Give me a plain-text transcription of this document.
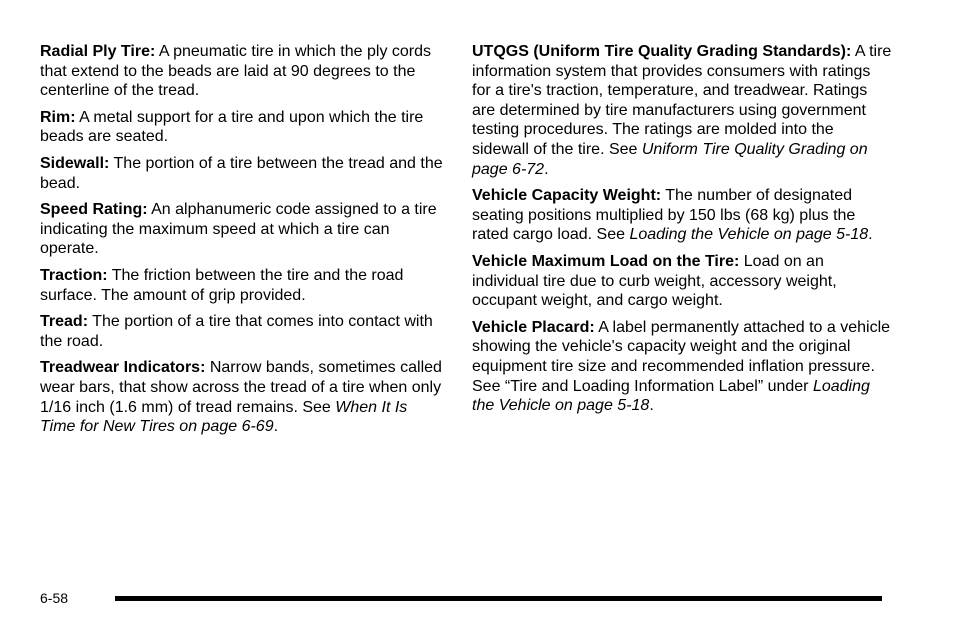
Radial Ply Tire: A pneumatic tire in which the ply cords that extend to the beads are laid at 90 degrees to the centerline of the tread.

Rim: A metal support for a tire and upon which the tire beads are seated.

Sidewall: The portion of a tire between the tread and the bead.

Speed Rating: An alphanumeric code assigned to a tire indicating the maximum speed at which a tire can operate.

Traction: The friction between the tire and the road surface. The amount of grip provided.

Tread: The portion of a tire that comes into contact with the road.

Treadwear Indicators: Narrow bands, sometimes called wear bars, that show across the tread of a tire when only 1/16 inch (1.6 mm) of tread remains. See When It Is Time for New Tires on page 6-69.

UTQGS (Uniform Tire Quality Grading Standards): A tire information system that provides consumers with ratings for a tire's traction, temperature, and treadwear. Ratings are determined by tire manufacturers using government testing procedures. The ratings are molded into the sidewall of the tire. See Uniform Tire Quality Grading on page 6-72.

Vehicle Capacity Weight: The number of designated seating positions multiplied by 150 lbs (68 kg) plus the rated cargo load. See Loading the Vehicle on page 5-18.

Vehicle Maximum Load on the Tire: Load on an individual tire due to curb weight, accessory weight, occupant weight, and cargo weight.

Vehicle Placard: A label permanently attached to a vehicle showing the vehicle's capacity weight and the original equipment tire size and recommended inflation pressure. See “Tire and Loading Information Label” under Loading the Vehicle on page 5-18.

6-58
